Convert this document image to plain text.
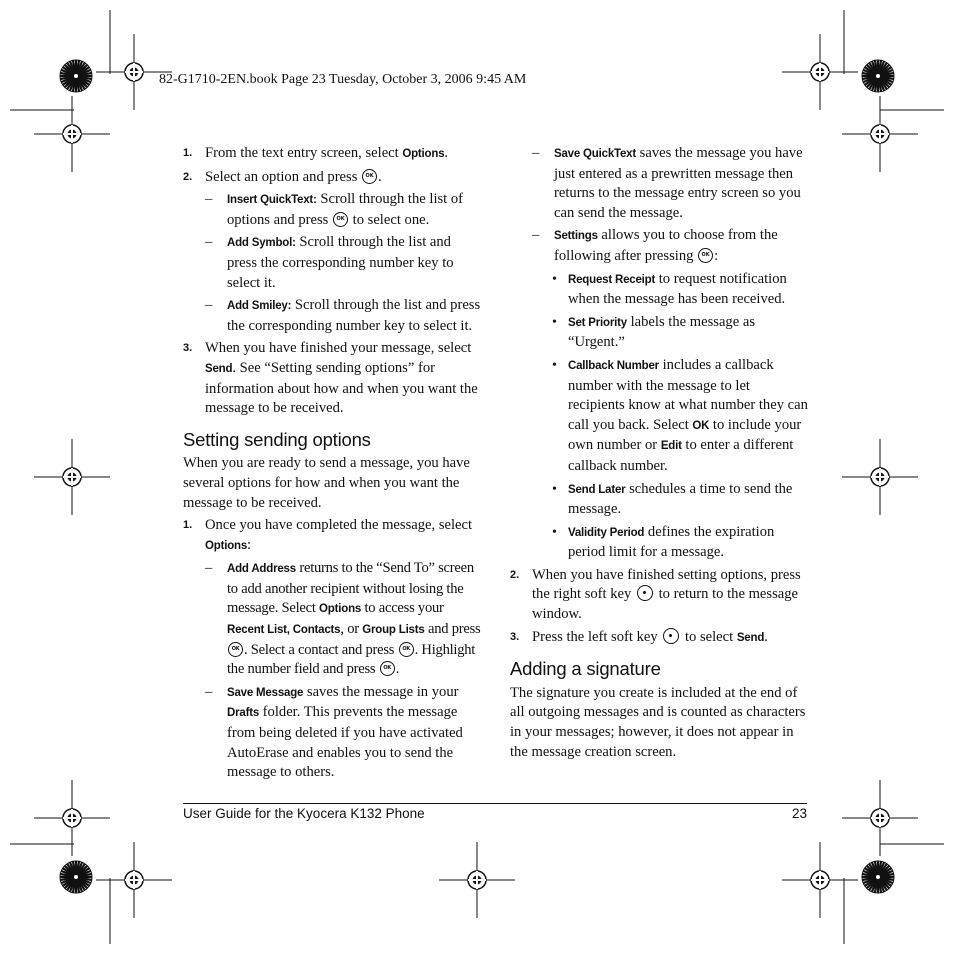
82-G1710-2EN.book Page 23 Tuesday, October 3, 2006 9:45 AM

1. From the text entry screen, select Options.

2. Select an option and press OK.

– Insert QuickText: Scroll through the list of options and press OK to select one.

– Add Symbol: Scroll through the list and press the corresponding number key to select it.

– Add Smiley: Scroll through the list and press the corresponding number key to select it.

3. When you have finished your message, select Send. See “Setting sending options” for information about how and when you want the message to be received.

Setting sending options

When you are ready to send a message, you have several options for how and when you want the message to be received.

1. Once you have completed the message, select Options:

– Add Address returns to the “Send To” screen to add another recipient without losing the message. Select Options to access your Recent List, Contacts, or Group Lists and press OK. Select a contact and press OK. Highlight the number field and press OK.

– Save Message saves the message in your Drafts folder. This prevents the message from being deleted if you have activated AutoErase and enables you to send the message to others.

– Save QuickText saves the message you have just entered as a prewritten message then returns to the message entry screen so you can send the message.

– Settings allows you to choose from the following after pressing OK:

• Request Receipt to request notification when the message has been received.

• Set Priority labels the message as “Urgent.”

• Callback Number includes a callback number with the message to let recipients know at what number they can call you back. Select OK to include your own number or Edit to enter a different callback number.

• Send Later schedules a time to send the message.

• Validity Period defines the expiration period limit for a message.

2. When you have finished setting options, press the right soft key  to return to the message window.

3. Press the left soft key  to select Send.

Adding a signature

The signature you create is included at the end of all outgoing messages and is counted as characters in your messages; however, it does not appear in the message creation screen.

User Guide for the Kyocera K132 Phone	23
